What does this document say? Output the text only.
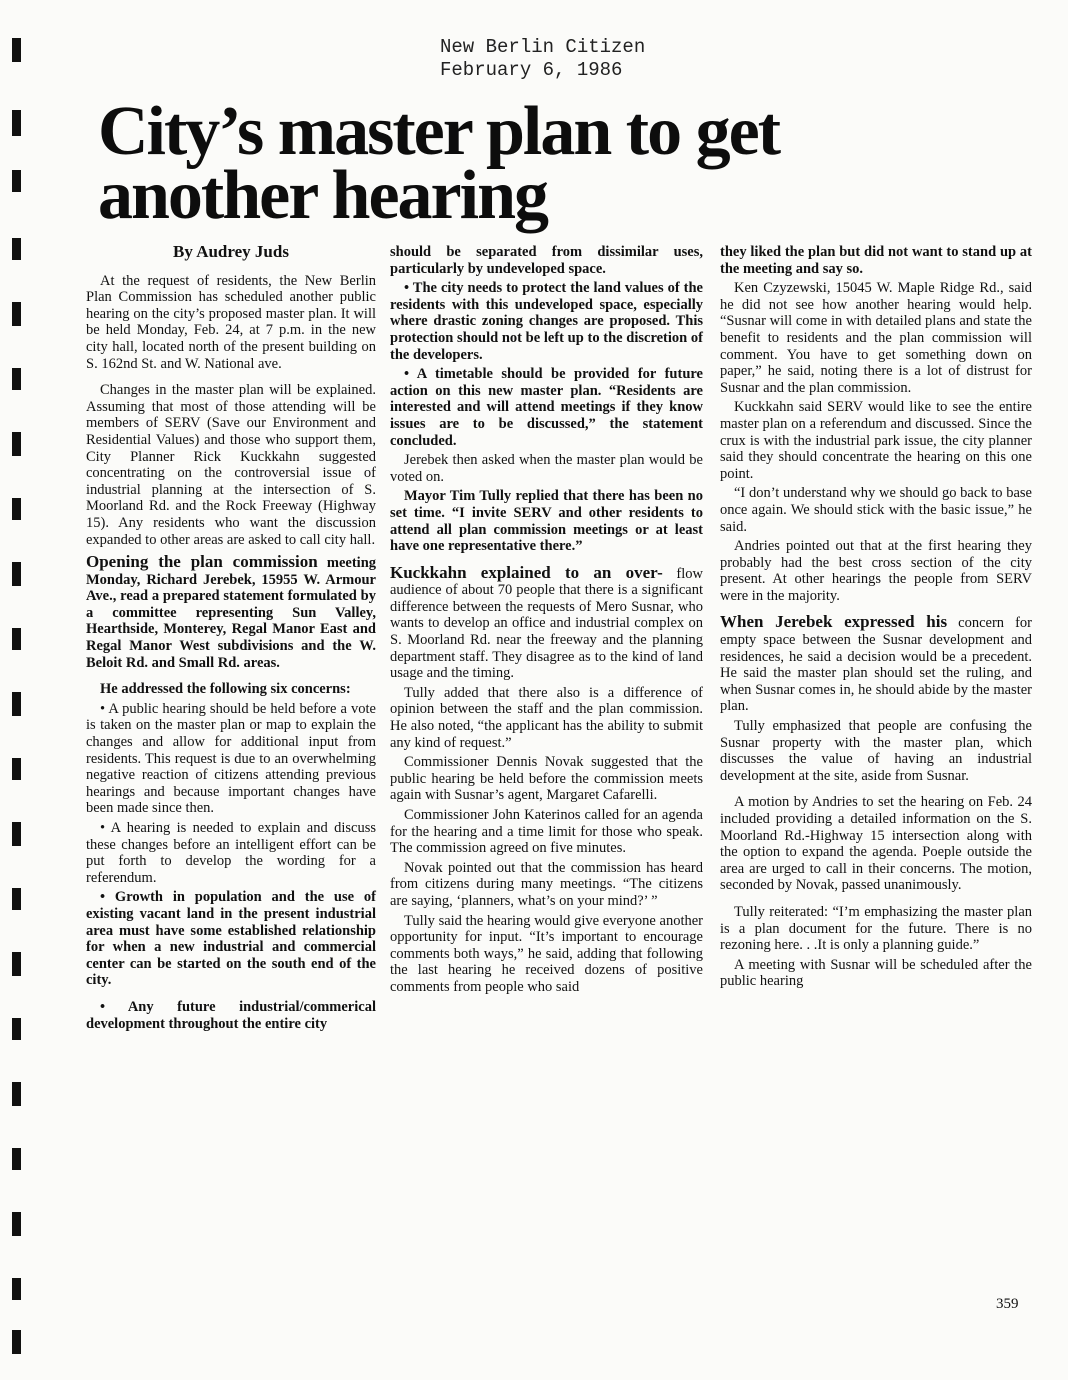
New Berlin Citizen
February 6, 1986
City’s master plan to get another hearing
By Audrey Juds

At the request of residents, the New Berlin Plan Commission has scheduled another public hearing on the city’s proposed master plan. It will be held Monday, Feb. 24, at 7 p.m. in the new city hall, located north of the present building on S. 162nd St. and W. National ave.

Changes in the master plan will be explained. Assuming that most of those attending will be members of SERV (Save our Environment and Residential Values) and those who support them, City Planner Rick Kuckkahn suggested concentrating on the controversial issue of industrial planning at the intersection of S. Moorland Rd. and the Rock Freeway (Highway 15). Any residents who want the discussion expanded to other areas are asked to call city hall.

Opening the plan commission meeting Monday, Richard Jerebek, 15955 W. Armour Ave., read a prepared statement formulated by a committee representing Sun Valley, Hearthside, Monterey, Regal Manor East and Regal Manor West subdivisions and the W. Beloit Rd. and Small Rd. areas.

He addressed the following six concerns:

• A public hearing should be held before a vote is taken on the master plan or map to explain the changes and allow for additional input from residents. This request is due to an overwhelming negative reaction of citizens attending previous hearings and because important changes have been made since then.

• A hearing is needed to explain and discuss these changes before an intelligent effort can be put forth to develop the wording for a referendum.

• Growth in population and the use of existing vacant land in the present industrial area must have some established relationship for when a new industrial and commercial center can be started on the south end of the city.

• Any future industrial/commerical development throughout the entire city

should be separated from dissimilar uses, particularly by undeveloped space.

• The city needs to protect the land values of the residents with this undeveloped space, especially where drastic zoning changes are proposed. This protection should not be left up to the discretion of the developers.

• A timetable should be provided for future action on this new master plan. “Residents are interested and will attend meetings if they know issues are to be discussed,” the statement concluded.

Jerebek then asked when the master plan would be voted on.

Mayor Tim Tully replied that there has been no set time. “I invite SERV and other residents to attend all plan commission meetings or at least have one representative there.”

Kuckkahn explained to an over- flow audience of about 70 people that there is a significant difference between the requests of Mero Susnar, who wants to develop an office and industrial complex on S. Moorland Rd. near the freeway and the planning department staff. They disagree as to the kind of land usage and the timing.

Tully added that there also is a difference of opinion between the staff and the plan commission. He also noted, “the applicant has the ability to submit any kind of request.”

Commissioner Dennis Novak suggested that the public hearing be held before the commission meets again with Susnar’s agent, Margaret Cafarelli.

Commissioner John Katerinos called for an agenda for the hearing and a time limit for those who speak. The commission agreed on five minutes.

Novak pointed out that the commission has heard from citizens during many meetings. “The citizens are saying, ‘planners, what’s on your mind?’ ”

Tully said the hearing would give everyone another opportunity for input. “It’s important to encourage comments both ways,” he said, adding that following the last hearing he received dozens of positive comments from people who said

they liked the plan but did not want to stand up at the meeting and say so.

Ken Czyzewski, 15045 W. Maple Ridge Rd., said he did not see how another hearing would help. “Susnar will come in with detailed plans and state the benefit to residents and the plan commission will comment. You have to get something down on paper,” he said, noting there is a lot of distrust for Susnar and the plan commission.

Kuckkahn said SERV would like to see the entire master plan on a referendum and discussed. Since the crux is with the industrial park issue, the city planner said they should concentrate the hearing on this one point.

“I don’t understand why we should go back to base once again. We should stick with the basic issue,” he said.

Andries pointed out that at the first hearing they probably had the best cross section of the city present. At other hearings the people from SERV were in the majority.

When Jerebek expressed his concern for empty space between the Susnar development and residences, he said a decision would be a precedent. He said the master plan should set the ruling, and when Susnar comes in, he should abide by the master plan.

Tully emphasized that people are confusing the Susnar property with the master plan, which discusses the value of having an industrial development at the site, aside from Susnar.

A motion by Andries to set the hearing on Feb. 24 included providing a detailed information on the S. Moorland Rd.-Highway 15 intersection along with the option to expand the agenda. Poeple outside the area are urged to call in their concerns. The motion, seconded by Novak, passed unanimously.

Tully reiterated: “I’m emphasizing the master plan is a plan document for the future. There is no rezoning here. . .It is only a planning guide.”

A meeting with Susnar will be scheduled after the public hearing

359
